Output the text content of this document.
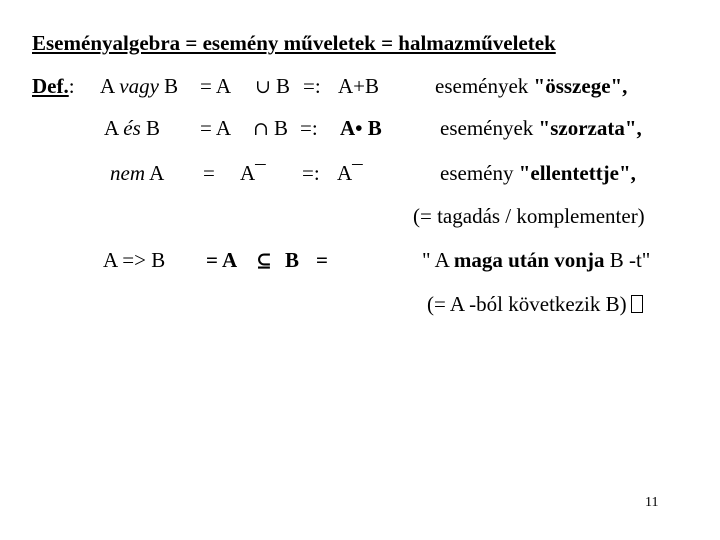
Eseményalgebra = esemény műveletek = halmazműveletek
Def.: A vagy B = A ∪ B =: A+B	események "összege",
A és B = A ∩ B =: A• B	események "szorzata",
nem A = A¯ =: A¯	esemény "ellentettje",
(= tagadás / komplementer)
A => B = A ⊆ B =	" A maga után vonja B -t"
(= A -ból következik B)
11
